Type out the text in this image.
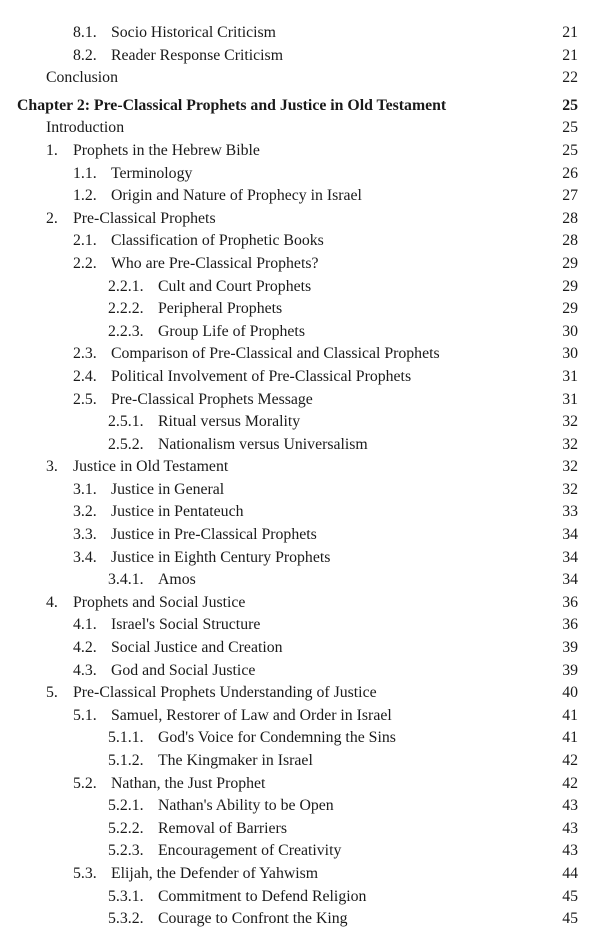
8.1. Socio Historical Criticism	21
8.2. Reader Response Criticism	21
Conclusion	22
Chapter 2: Pre-Classical Prophets and Justice in Old Testament	25
Introduction	25
1. Prophets in the Hebrew Bible	25
1.1. Terminology	26
1.2. Origin and Nature of Prophecy in Israel	27
2. Pre-Classical Prophets	28
2.1. Classification of Prophetic Books	28
2.2. Who are Pre-Classical Prophets?	29
2.2.1. Cult and Court Prophets	29
2.2.2. Peripheral Prophets	29
2.2.3. Group Life of Prophets	30
2.3. Comparison of Pre-Classical and Classical Prophets	30
2.4. Political Involvement of Pre-Classical Prophets	31
2.5. Pre-Classical Prophets Message	31
2.5.1. Ritual versus Morality	32
2.5.2. Nationalism versus Universalism	32
3. Justice in Old Testament	32
3.1. Justice in General	32
3.2. Justice in Pentateuch	33
3.3. Justice in Pre-Classical Prophets	34
3.4. Justice in Eighth Century Prophets	34
3.4.1. Amos	34
4. Prophets and Social Justice	36
4.1. Israel's Social Structure	36
4.2. Social Justice and Creation	39
4.3. God and Social Justice	39
5. Pre-Classical Prophets Understanding of Justice	40
5.1. Samuel, Restorer of Law and Order in Israel	41
5.1.1. God's Voice for Condemning the Sins	41
5.1.2. The Kingmaker in Israel	42
5.2. Nathan, the Just Prophet	42
5.2.1. Nathan's Ability to be Open	43
5.2.2. Removal of Barriers	43
5.2.3. Encouragement of Creativity	43
5.3. Elijah, the Defender of Yahwism	44
5.3.1. Commitment to Defend Religion	45
5.3.2. Courage to Confront the King	45
